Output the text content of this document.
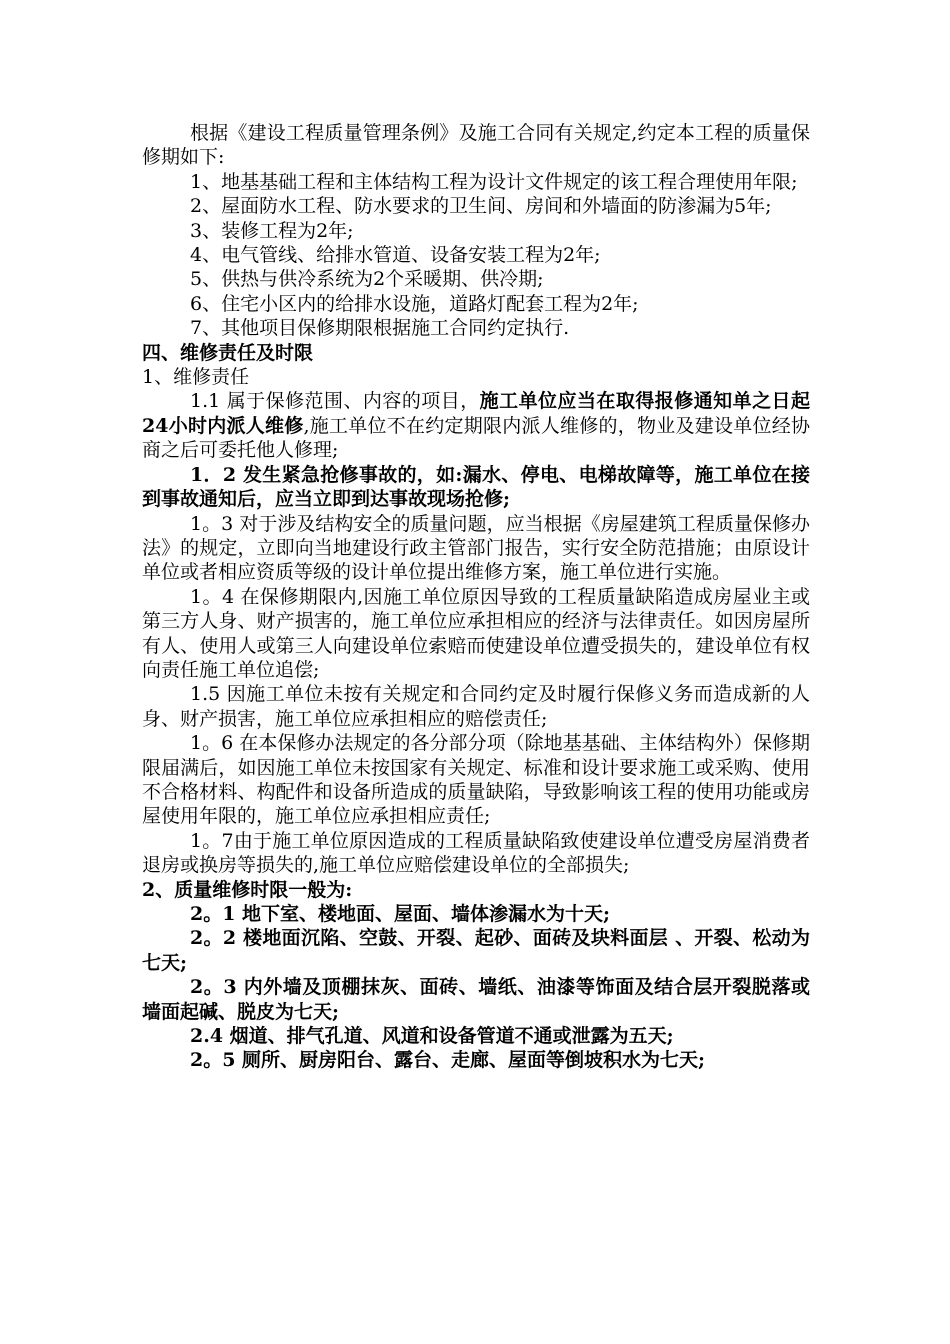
根据《建设工程质量管理条例》及施工合同有关规定,约定本工程的质量保修期如下:

1、地基基础工程和主体结构工程为设计文件规定的该工程合理使用年限;

2、屋面防水工程、防水要求的卫生间、房间和外墙面的防渗漏为5年;

3、装修工程为2年;

4、电气管线、给排水管道、设备安装工程为2年;

5、供热与供冷系统为2个采暖期、供冷期;

6、住宅小区内的给排水设施，道路灯配套工程为2年;

7、其他项目保修期限根据施工合同约定执行.

四、维修责任及时限

1、维修责任

1.1 属于保修范围、内容的项目，施工单位应当在取得报修通知单之日起24小时内派人维修,施工单位不在约定期限内派人维修的，物业及建设单位经协商之后可委托他人修理;

1．2 发生紧急抢修事故的，如:漏水、停电、电梯故障等，施工单位在接到事故通知后，应当立即到达事故现场抢修;

1。3 对于涉及结构安全的质量问题，应当根据《房屋建筑工程质量保修办法》的规定，立即向当地建设行政主管部门报告，实行安全防范措施；由原设计单位或者相应资质等级的设计单位提出维修方案，施工单位进行实施。

1。4 在保修期限内,因施工单位原因导致的工程质量缺陷造成房屋业主或第三方人身、财产损害的，施工单位应承担相应的经济与法律责任。如因房屋所有人、使用人或第三人向建设单位索赔而使建设单位遭受损失的，建设单位有权向责任施工单位追偿;

1.5 因施工单位未按有关规定和合同约定及时履行保修义务而造成新的人身、财产损害，施工单位应承担相应的赔偿责任;

1。6 在本保修办法规定的各分部分项（除地基基础、主体结构外）保修期限届满后，如因施工单位未按国家有关规定、标准和设计要求施工或采购、使用不合格材料、构配件和设备所造成的质量缺陷，导致影响该工程的使用功能或房屋使用年限的，施工单位应承担相应责任;

1。7由于施工单位原因造成的工程质量缺陷致使建设单位遭受房屋消费者退房或换房等损失的,施工单位应赔偿建设单位的全部损失;

2、质量维修时限一般为:

2。1 地下室、楼地面、屋面、墙体渗漏水为十天;

2。2 楼地面沉陷、空鼓、开裂、起砂、面砖及块料面层 、开裂、松动为七天;

2。3 内外墙及顶棚抹灰、面砖、墙纸、油漆等饰面及结合层开裂脱落或墙面起碱、脱皮为七天;

2.4 烟道、排气孔道、风道和设备管道不通或泄露为五天;

2。5 厕所、厨房阳台、露台、走廊、屋面等倒坡积水为七天;
